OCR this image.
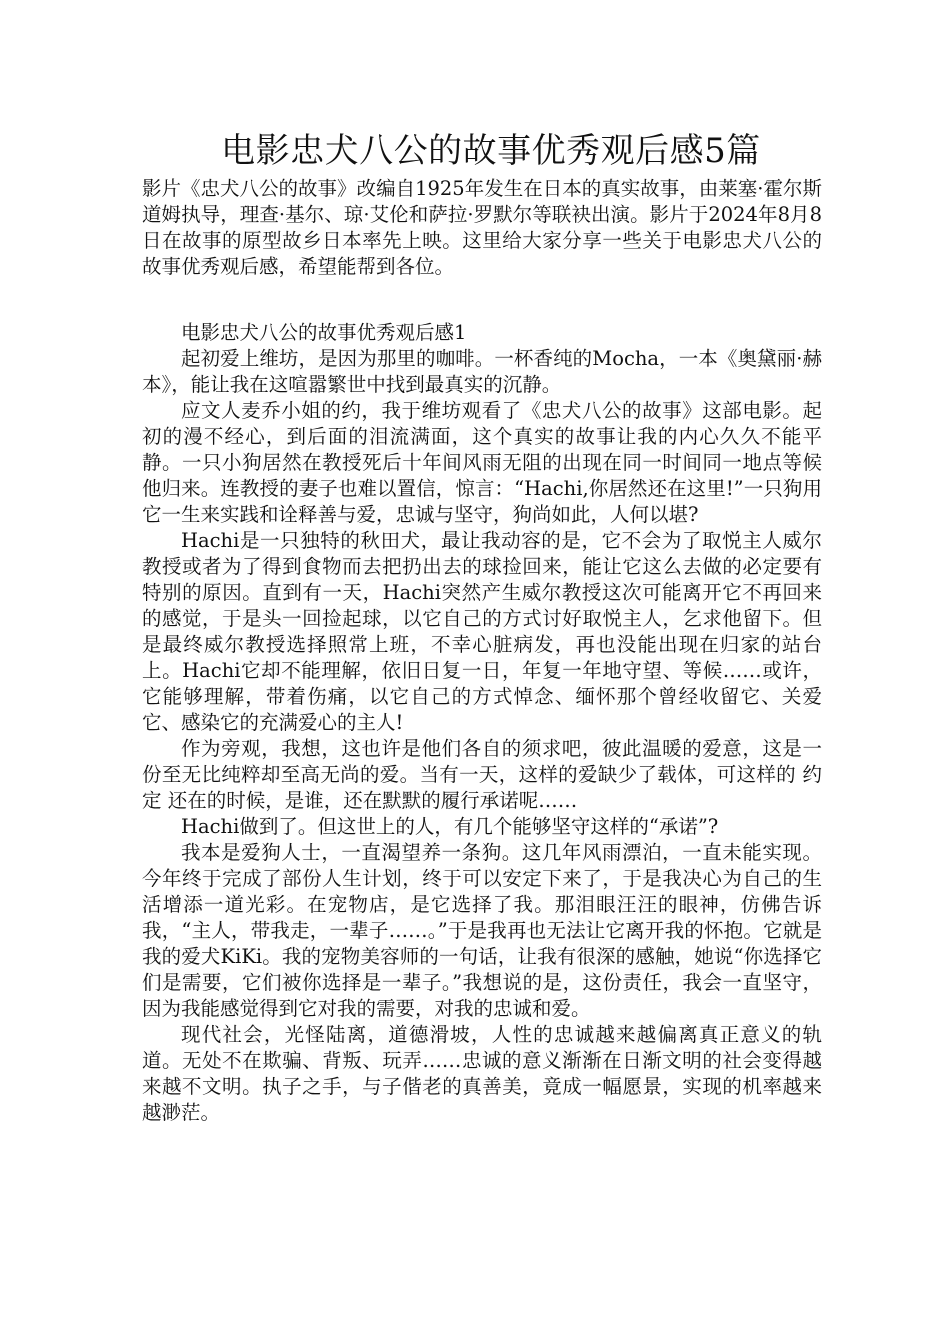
电影忠犬八公的故事优秀观后感5篇

影片《忠犬八公的故事》改编自1925年发生在日本的真实故事，由莱塞·霍尔斯道姆执导，理查·基尔、琼·艾伦和萨拉·罗默尔等联袂出演。影片于2024年8月8日在故事的原型故乡日本率先上映。这里给大家分享一些关于电影忠犬八公的故事优秀观后感，希望能帮到各位。

电影忠犬八公的故事优秀观后感1

起初爱上维坊，是因为那里的咖啡。一杯香纯的Mocha，一本《奥黛丽·赫本》，能让我在这喧嚣繁世中找到最真实的沉静。

应文人麦乔小姐的约，我于维坊观看了《忠犬八公的故事》这部电影。起初的漫不经心，到后面的泪流满面，这个真实的故事让我的内心久久不能平静。一只小狗居然在教授死后十年间风雨无阻的出现在同一时间同一地点等候他归来。连教授的妻子也难以置信，惊言：“Hachi,你居然还在这里!”一只狗用它一生来实践和诠释善与爱，忠诚与坚守，狗尚如此，人何以堪?

Hachi是一只独特的秋田犬，最让我动容的是，它不会为了取悦主人威尔教授或者为了得到食物而去把扔出去的球捡回来，能让它这么去做的必定要有特别的原因。直到有一天，Hachi突然产生威尔教授这次可能离开它不再回来的感觉，于是头一回捡起球，以它自己的方式讨好取悦主人，乞求他留下。但是最终威尔教授选择照常上班，不幸心脏病发，再也没能出现在归家的站台上。Hachi它却不能理解，依旧日复一日，年复一年地守望、等候……或许，它能够理解，带着伤痛，以它自己的方式悼念、缅怀那个曾经收留它、关爱它、感染它的充满爱心的主人!

作为旁观，我想，这也许是他们各自的须求吧，彼此温暖的爱意，这是一份至无比纯粹却至高无尚的爱。当有一天，这样的爱缺少了载体，可这样的 约定 还在的时候，是谁，还在默默的履行承诺呢……

Hachi做到了。但这世上的人，有几个能够坚守这样的“承诺”?

我本是爱狗人士，一直渴望养一条狗。这几年风雨漂泊，一直未能实现。今年终于完成了部份人生计划，终于可以安定下来了，于是我决心为自己的生活增添一道光彩。在宠物店，是它选择了我。那泪眼汪汪的眼神，仿佛告诉我，“主人，带我走，一辈子……。”于是我再也无法让它离开我的怀抱。它就是我的爱犬KiKi。我的宠物美容师的一句话，让我有很深的感触，她说“你选择它们是需要，它们被你选择是一辈子。”我想说的是，这份责任，我会一直坚守，因为我能感觉得到它对我的需要，对我的忠诚和爱。

现代社会，光怪陆离，道德滑坡，人性的忠诚越来越偏离真正意义的轨道。无处不在欺骗、背叛、玩弄……忠诚的意义渐渐在日渐文明的社会变得越来越不文明。执子之手，与子偕老的真善美，竟成一幅愿景，实现的机率越来越渺茫。
